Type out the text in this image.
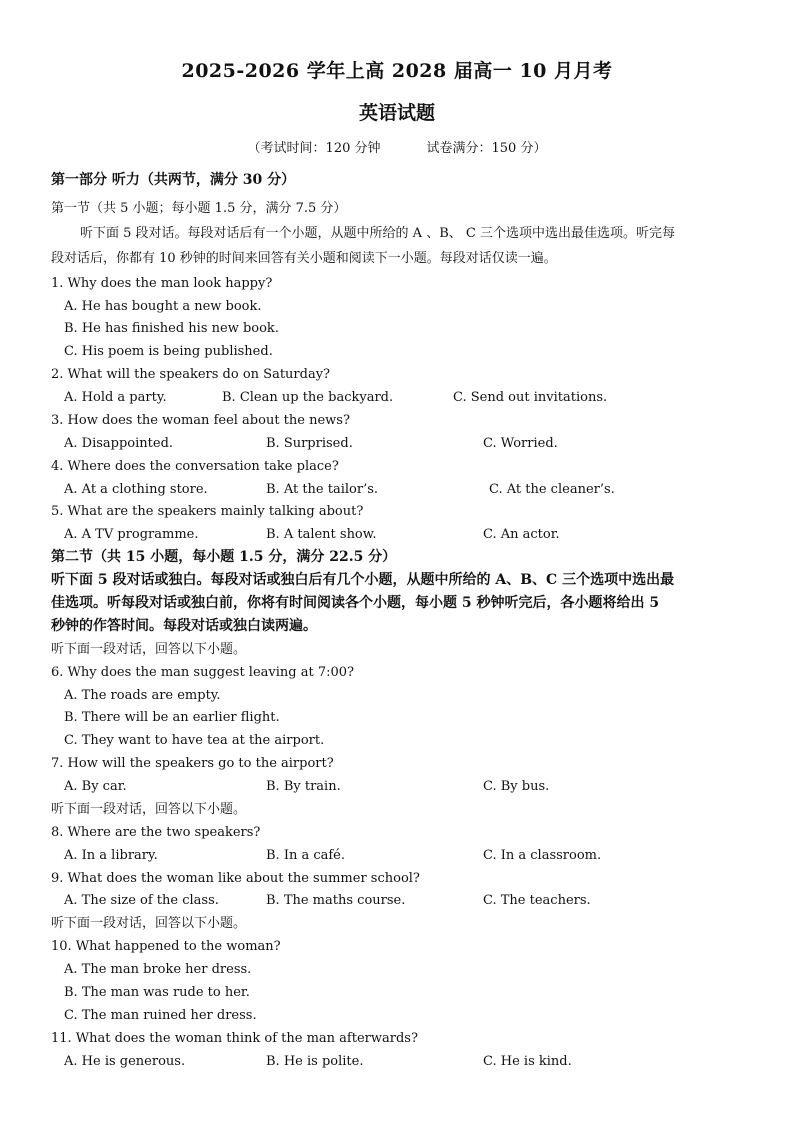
2025-2026 学年上高 2028 届高一 10 月月考
英语试题
（考试时间：120 分钟	试卷满分：150 分）
第一部分 听力（共两节，满分 30 分）
第一节（共 5 小题；每小题 1.5 分，满分 7.5 分）
听下面 5 段对话。每段对话后有一个小题，从题中所给的 A 、B、 C 三个选项中选出最佳选项。听完每
段对话后，你都有 10 秒钟的时间来回答有关小题和阅读下一小题。每段对话仅读一遍。
1. Why does the man look happy?
A. He has bought a new book.
B. He has finished his new book.
C. His poem is being published.
2. What will the speakers do on Saturday?
A. Hold a party.	B. Clean up the backyard.	C. Send out invitations.
3. How does the woman feel about the news?
A. Disappointed.	B. Surprised.	C. Worried.
4. Where does the conversation take place?
A. At a clothing store.	B. At the tailor’s.	C. At the cleaner’s.
5. What are the speakers mainly talking about?
A. A TV programme.	B. A talent show.	C. An actor.
第二节（共 15 小题，每小题 1.5 分，满分 22.5 分）
听下面 5 段对话或独白。每段对话或独白后有几个小题，从题中所给的 A、B、C 三个选项中选出最
佳选项。听每段对话或独白前，你将有时间阅读各个小题，每小题 5 秒钟听完后，各小题将给出 5
秒钟的作答时间。每段对话或独白读两遍。
听下面一段对话，回答以下小题。
6. Why does the man suggest leaving at 7:00?
A. The roads are empty.
B. There will be an earlier flight.
C. They want to have tea at the airport.
7. How will the speakers go to the airport?
A. By car.	B. By train.	C. By bus.
听下面一段对话，回答以下小题。
8. Where are the two speakers?
A. In a library.	B. In a café.	C. In a classroom.
9. What does the woman like about the summer school?
A. The size of the class.	B. The maths course.	C. The teachers.
听下面一段对话，回答以下小题。
10. What happened to the woman?
A. The man broke her dress.
B. The man was rude to her.
C. The man ruined her dress.
11. What does the woman think of the man afterwards?
A. He is generous.	B. He is polite.	C. He is kind.
